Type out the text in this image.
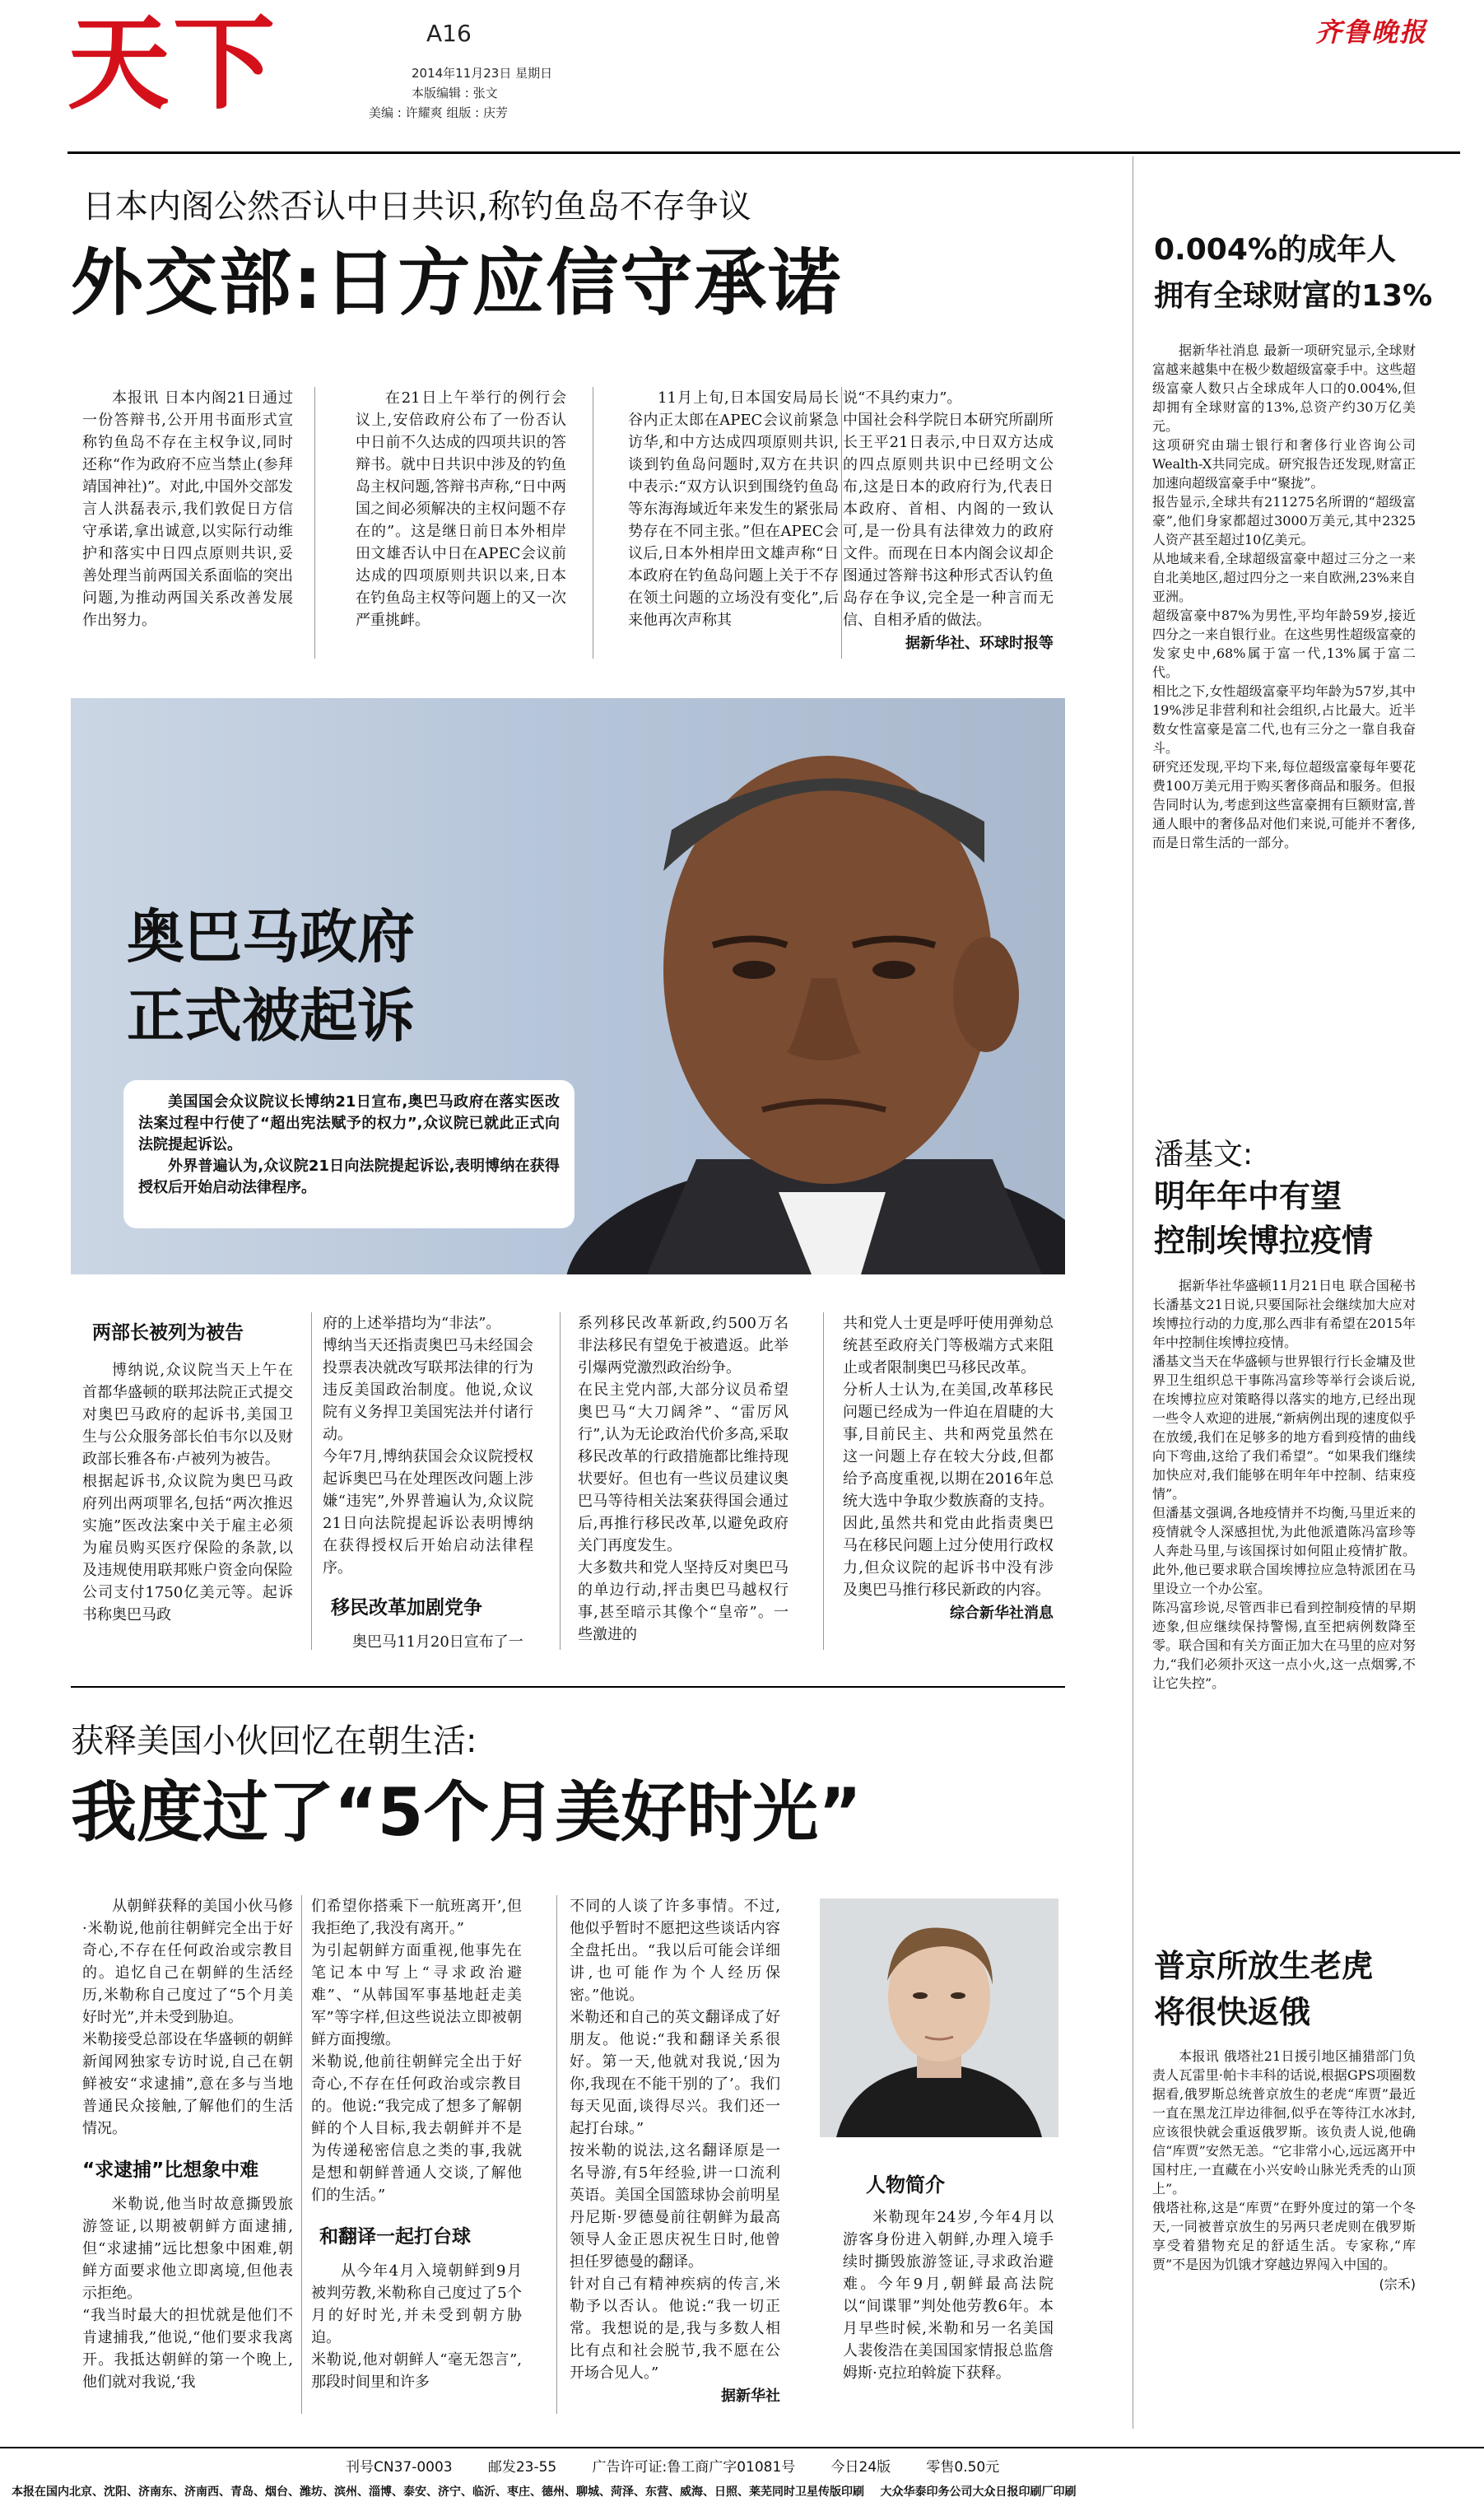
天下	A16
2014年11月23日 星期日
本版编辑 : 张文
美编 : 许耀爽 组版 : 庆芳
齐鲁晚报
日本内阁公然否认中日共识,称钓鱼岛不存争议
外交部:日方应信守承诺

本报讯 日本内阁21日通过一份答辩书,公开用书面形式宣称钓鱼岛不存在主权争议,同时还称“作为政府不应当禁止(参拜靖国神社)”。对此,中国外交部发言人洪磊表示,我们敦促日方信守承诺,拿出诚意,以实际行动维护和落实中日四点原则共识,妥善处理当前两国关系面临的突出问题,为推动两国关系改善发展作出努力。

在21日上午举行的例行会议上,安倍政府公布了一份否认中日前不久达成的四项共识的答辩书。就中日共识中涉及的钓鱼岛主权问题,答辩书声称,“日中两国之间必须解决的主权问题不存在的”。这是继日前日本外相岸田文雄否认中日在APEC会议前达成的四项原则共识以来,日本在钓鱼岛主权等问题上的又一次严重挑衅。

11月上旬,日本国安局局长谷内正太郎在APEC会议前紧急访华,和中方达成四项原则共识,谈到钓鱼岛问题时,双方在共识中表示:“双方认识到围绕钓鱼岛等东海海域近年来发生的紧张局势存在不同主张。”但在APEC会议后,日本外相岸田文雄声称“日本政府在钓鱼岛问题上关于不存在领土问题的立场没有变化”,后来他再次声称其

说“不具约束力”。
中国社会科学院日本研究所副所长王平21日表示,中日双方达成的四点原则共识中已经明文公布,这是日本的政府行为,代表日本政府、首相、内阁的一致认可,是一份具有法律效力的政府文件。而现在日本内阁会议却企图通过答辩书这种形式否认钓鱼岛存在争议,完全是一种言而无信、自相矛盾的做法。

据新华社、环球时报等
奥巴马政府
正式被起诉

美国国会众议院议长博纳21日宣布,奥巴马政府在落实医改法案过程中行使了“超出宪法赋予的权力”,众议院已就此正式向法院提起诉讼。

外界普遍认为,众议院21日向法院提起诉讼,表明博纳在获得授权后开始启动法律程序。

两部长被列为被告

博纳说,众议院当天上午在首都华盛顿的联邦法院正式提交对奥巴马政府的起诉书,美国卫生与公众服务部长伯韦尔以及财政部长雅各布·卢被列为被告。
根据起诉书,众议院为奥巴马政府列出两项罪名,包括“两次推迟实施”医改法案中关于雇主必须为雇员购买医疗保险的条款,以及违规使用联邦账户资金向保险公司支付1750亿美元等。起诉书称奥巴马政

府的上述举措均为“非法”。
博纳当天还指责奥巴马未经国会投票表决就改写联邦法律的行为违反美国政治制度。他说,众议院有义务捍卫美国宪法并付诸行动。
今年7月,博纳获国会众议院授权起诉奥巴马在处理医改问题上涉嫌“违宪”,外界普遍认为,众议院21日向法院提起诉讼表明博纳在获得授权后开始启动法律程序。

移民改革加剧党争

奥巴马11月20日宣布了一

系列移民改革新政,约500万名非法移民有望免于被遣返。此举引爆两党激烈政治纷争。
在民主党内部,大部分议员希望奥巴马“大刀阔斧”、“雷厉风行”,认为无论政治代价多高,采取移民改革的行政措施都比维持现状要好。但也有一些议员建议奥巴马等待相关法案获得国会通过后,再推行移民改革,以避免政府关门再度发生。
大多数共和党人坚持反对奥巴马的单边行动,抨击奥巴马越权行事,甚至暗示其像个“皇帝”。一些激进的

共和党人士更是呼吁使用弹劾总统甚至政府关门等极端方式来阻止或者限制奥巴马移民改革。
分析人士认为,在美国,改革移民问题已经成为一件迫在眉睫的大事,目前民主、共和两党虽然在这一问题上存在较大分歧,但都给予高度重视,以期在2016年总统大选中争取少数族裔的支持。因此,虽然共和党由此指责奥巴马在移民问题上过分使用行政权力,但众议院的起诉书中没有涉及奥巴马推行移民新政的内容。

综合新华社消息
获释美国小伙回忆在朝生活:
我度过了“5个月美好时光”

从朝鲜获释的美国小伙马修·米勒说,他前往朝鲜完全出于好奇心,不存在任何政治或宗教目的。追忆自己在朝鲜的生活经历,米勒称自己度过了“5个月美好时光”,并未受到胁迫。
米勒接受总部设在华盛顿的朝鲜新闻网独家专访时说,自己在朝鲜被安“求逮捕”,意在多与当地普通民众接触,了解他们的生活情况。

“求逮捕”比想象中难

米勒说,他当时故意撕毁旅游签证,以期被朝鲜方面逮捕,但“求逮捕”远比想象中困难,朝鲜方面要求他立即离境,但他表示拒绝。
“我当时最大的担忧就是他们不肯逮捕我,”他说,“他们要求我离开。我抵达朝鲜的第一个晚上,他们就对我说,‘我

们希望你搭乘下一航班离开’,但我拒绝了,我没有离开。”
为引起朝鲜方面重视,他事先在笔记本中写上“寻求政治避难”、“从韩国军事基地赶走美军”等字样,但这些说法立即被朝鲜方面搜缴。
米勒说,他前往朝鲜完全出于好奇心,不存在任何政治或宗教目的。他说:“我完成了想多了解朝鲜的个人目标,我去朝鲜并不是为传递秘密信息之类的事,我就是想和朝鲜普通人交谈,了解他们的生活。”

和翻译一起打台球

从今年4月入境朝鲜到9月被判劳教,米勒称自己度过了5个月的好时光,并未受到朝方胁迫。
米勒说,他对朝鲜人“毫无怨言”,那段时间里和许多

不同的人谈了许多事情。不过,他似乎暂时不愿把这些谈话内容全盘托出。“我以后可能会详细讲,也可能作为个人经历保密。”他说。
米勒还和自己的英文翻译成了好朋友。他说:“我和翻译关系很好。第一天,他就对我说,‘因为你,我现在不能干别的了’。我们每天见面,谈得尽兴。我们还一起打台球。”
按米勒的说法,这名翻译原是一名导游,有5年经验,讲一口流利英语。美国全国篮球协会前明星丹尼斯·罗德曼前往朝鲜为最高领导人金正恩庆祝生日时,他曾担任罗德曼的翻译。
针对自己有精神疾病的传言,米勒予以否认。他说:“我一切正常。我想说的是,我与多数人相比有点和社会脱节,我不愿在公开场合见人。”

据新华社
人物简介

米勒现年24岁,今年4月以游客身份进入朝鲜,办理入境手续时撕毁旅游签证,寻求政治避难。今年9月,朝鲜最高法院以“间谍罪”判处他劳教6年。本月早些时候,米勒和另一名美国人裴俊浩在美国国家情报总监詹姆斯·克拉珀斡旋下获释。

0.004%的成年人
拥有全球财富的13%

据新华社消息 最新一项研究显示,全球财富越来越集中在极少数超级富豪手中。这些超级富豪人数只占全球成年人口的0.004%,但却拥有全球财富的13%,总资产约30万亿美元。
这项研究由瑞士银行和奢侈行业咨询公司Wealth-X共同完成。研究报告还发现,财富正加速向超级富豪手中“聚拢”。
报告显示,全球共有211275名所谓的“超级富豪”,他们身家都超过3000万美元,其中2325人资产甚至超过10亿美元。
从地域来看,全球超级富豪中超过三分之一来自北美地区,超过四分之一来自欧洲,23%来自亚洲。
超级富豪中87%为男性,平均年龄59岁,接近四分之一来自银行业。在这些男性超级富豪的发家史中,68%属于富一代,13%属于富二代。
相比之下,女性超级富豪平均年龄为57岁,其中19%涉足非营利和社会组织,占比最大。近半数女性富豪是富二代,也有三分之一靠自我奋斗。
研究还发现,平均下来,每位超级富豪每年要花费100万美元用于购买奢侈商品和服务。但报告同时认为,考虑到这些富豪拥有巨额财富,普通人眼中的奢侈品对他们来说,可能并不奢侈,而是日常生活的一部分。

潘基文:
明年年中有望
控制埃博拉疫情

据新华社华盛顿11月21日电 联合国秘书长潘基文21日说,只要国际社会继续加大应对埃博拉行动的力度,那么西非有希望在2015年年中控制住埃博拉疫情。
潘基文当天在华盛顿与世界银行行长金墉及世界卫生组织总干事陈冯富珍等举行会谈后说,在埃博拉应对策略得以落实的地方,已经出现一些令人欢迎的进展,“新病例出现的速度似乎在放缓,我们在足够多的地方看到疫情的曲线向下弯曲,这给了我们希望”。“如果我们继续加快应对,我们能够在明年年中控制、结束疫情”。
但潘基文强调,各地疫情并不均衡,马里近来的疫情就令人深感担忧,为此他派遣陈冯富珍等人奔赴马里,与该国探讨如何阻止疫情扩散。此外,他已要求联合国埃博拉应急特派团在马里设立一个办公室。
陈冯富珍说,尽管西非已看到控制疫情的早期迹象,但应继续保持警惕,直至把病例数降至零。联合国和有关方面正加大在马里的应对努力,“我们必须扑灭这一点小火,这一点烟雾,不让它失控”。

普京所放生老虎
将很快返俄

本报讯 俄塔社21日援引地区捕猎部门负责人瓦雷里·帕卡丰科的话说,根据GPS项圈数据看,俄罗斯总统普京放生的老虎“库贾”最近一直在黑龙江岸边徘徊,似乎在等待江水冰封,应该很快就会重返俄罗斯。该负责人说,他确信“库贾”安然无恙。“它非常小心,远远离开中国村庄,一直藏在小兴安岭山脉光秃秃的山顶上”。
俄塔社称,这是“库贾”在野外度过的第一个冬天,一同被普京放生的另两只老虎则在俄罗斯享受着猎物充足的舒适生活。专家称,“库贾”不是因为饥饿才穿越边界闯入中国的。

(宗禾)
刊号CN37-0003        邮发23-55        广告许可证:鲁工商广字01081号        今日24版        零售0.50元
本报在国内北京、沈阳、济南东、济南西、青岛、烟台、潍坊、滨州、淄博、泰安、济宁、临沂、枣庄、德州、聊城、菏泽、东营、威海、日照、莱芜同时卫星传版印刷    大众华泰印务公司大众日报印刷厂印刷
